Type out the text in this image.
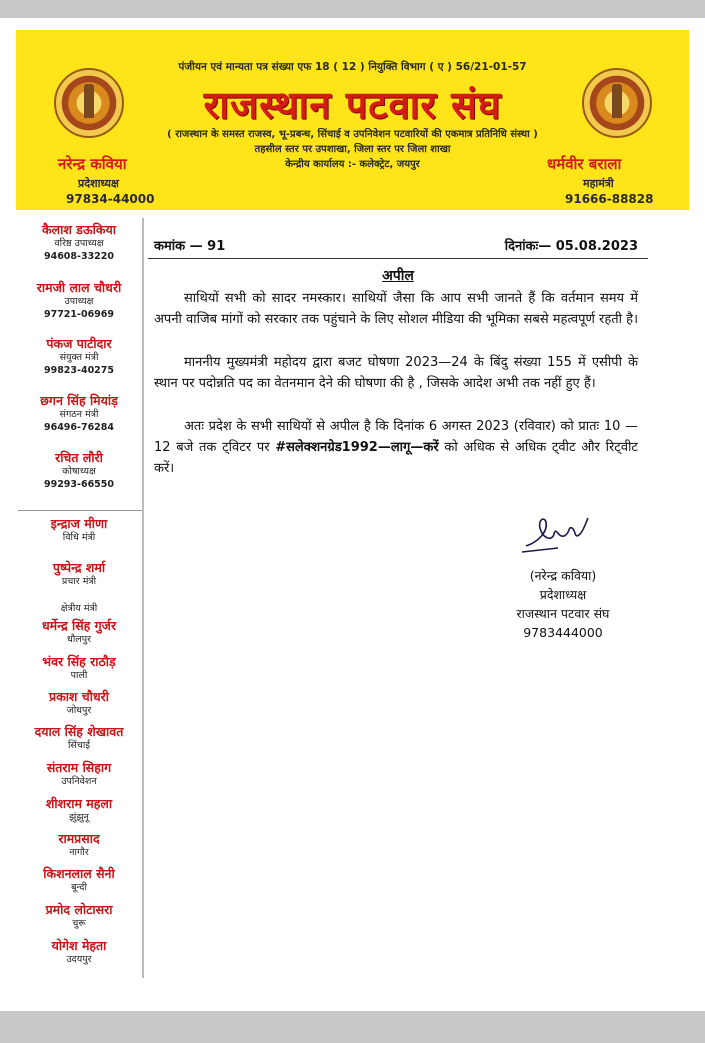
पंजीयन एवं मान्यता पत्र संख्या एफ 18 ( 12 ) नियुक्ति विभाग ( ए ) 56/21-01-57
राजस्थान पटवार संघ
( राजस्थान के समस्त राजस्व, भू-प्रबन्ध, सिंचाई व उपनिवेशन पटवारियों की एकमात्र प्रतिनिधि संस्था )
तहसील स्तर पर उपशाखा, जिला स्तर पर जिला शाखा
केन्द्रीय कार्यालय :- कलेक्ट्रेट, जयपुर
नरेन्द्र कविया
प्रदेशाध्यक्ष
97834-44000
धर्मवीर बराला
महामंत्री
91666-88828
कैलाश डऊकिया
वरिष्ठ उपाध्यक्ष
94608-33220
रामजी लाल चौधरी
उपाध्यक्ष
97721-06969
पंकज पाटीदार
संयुक्त मंत्री
99823-40275
छगन सिंह मियांड़
संगठन मंत्री
96496-76284
रचित लौरी
कोषाध्यक्ष
99293-66550
इन्द्राज मीणा
विधि मंत्री
पुष्पेन्द्र शर्मा
प्रचार मंत्री
क्षेत्रीय मंत्री
धर्मेन्द्र सिंह गुर्जर
धौलपुर
भंवर सिंह राठौड़
पाली
प्रकाश चौधरी
जोधपुर
दयाल सिंह शेखावत
सिंचाई
संतराम सिहाग
उपनिवेशन
शीशराम महला
झुंझुनू
रामप्रसाद
नागौर
किशनलाल सैनी
बून्दी
प्रमोद लोटासरा
चुरू
योगेश मेहता
उदयपुर
कमांक — 91	दिनांकः— 05.08.2023
अपील
साथियों सभी को सादर नमस्कार। साथियों जैसा कि आप सभी जानते हैं कि वर्तमान समय में अपनी वाजिब मांगों को सरकार तक पहुंचाने के लिए सोशल मीडिया की भूमिका सबसे महत्वपूर्ण रहती है।
माननीय मुख्यमंत्री महोदय द्वारा बजट घोषणा 2023—24 के बिंदु संख्या 155 में एसीपी के स्थान पर पदोन्नति पद का वेतनमान देने की घोषणा की है , जिसके आदेश अभी तक नहीं हुए हैं।
अतः प्रदेश के सभी साथियों से अपील है कि दिनांक 6 अगस्त 2023 (रविवार) को प्रातः 10 — 12 बजे तक ट्विटर पर #सलेक्शनग्रेड1992—लागू—करें को अधिक से अधिक ट्वीट और रिट्वीट करें।
(नरेन्द्र कविया)
प्रदेशाध्यक्ष
राजस्थान पटवार संघ
9783444000
